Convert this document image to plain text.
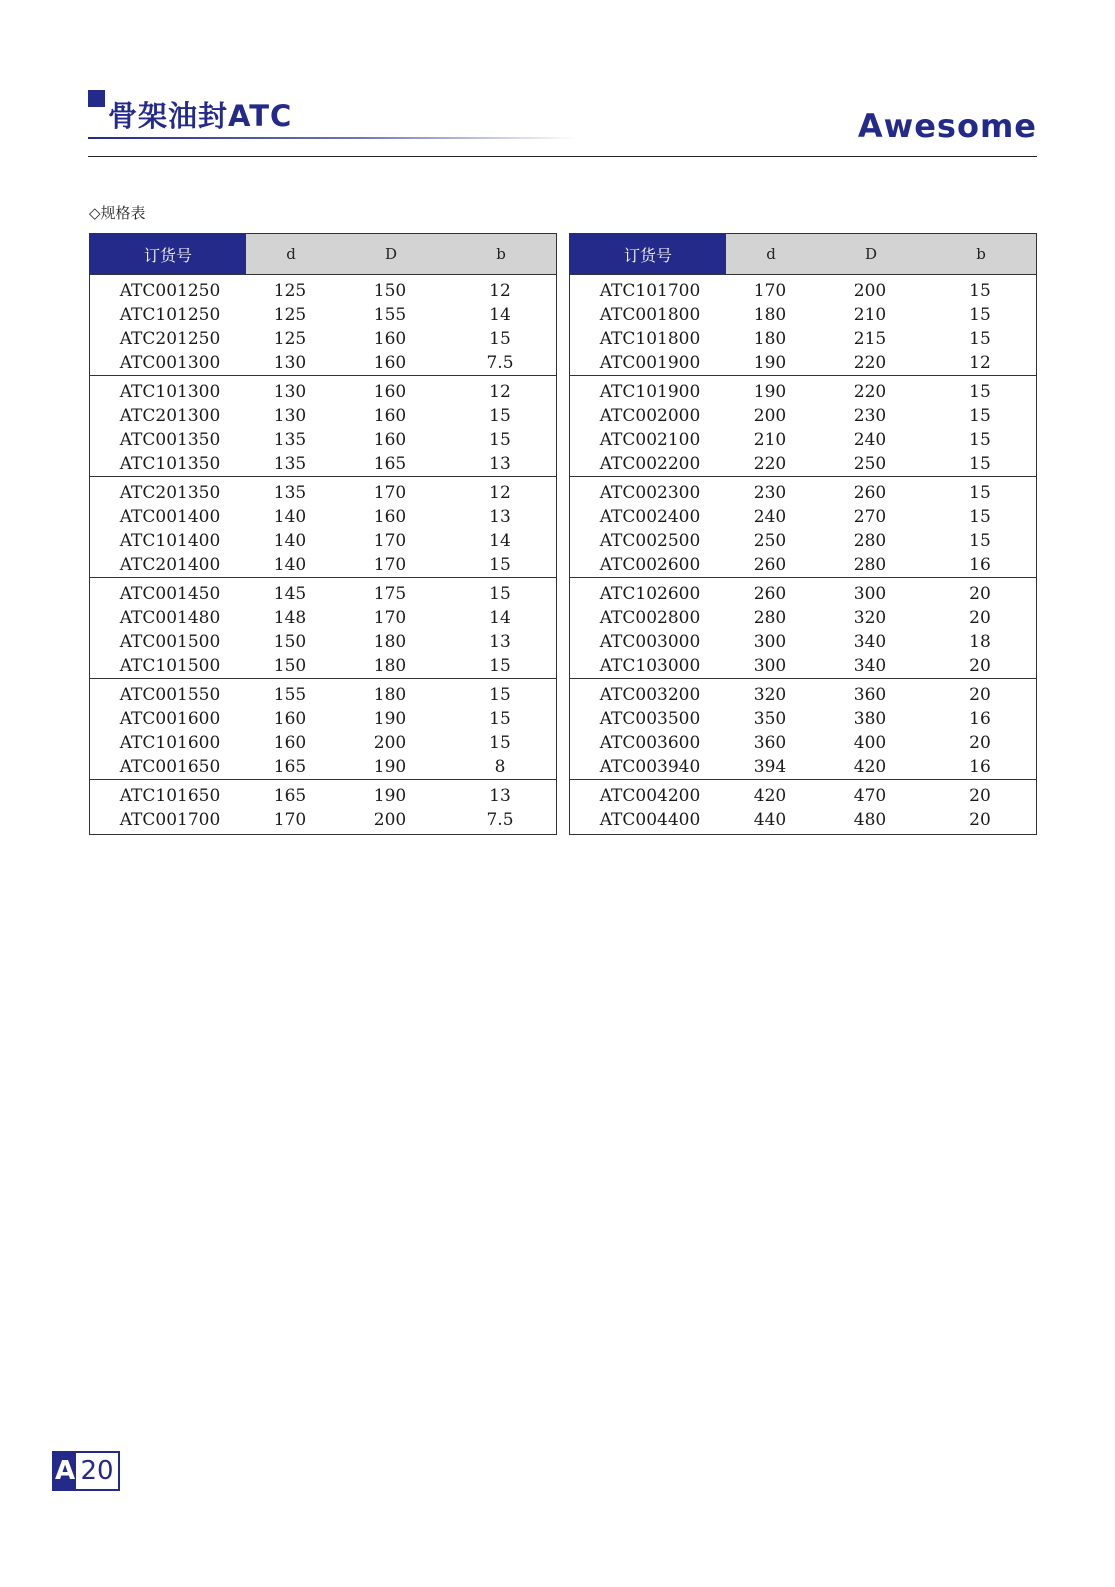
骨架油封ATC	Awesome
◇规格表
订货号	d	D	b
ATC001250	125	150	12
ATC101250	125	155	14
ATC201250	125	160	15
ATC001300	130	160	7.5
ATC101300	130	160	12
ATC201300	130	160	15
ATC001350	135	160	15
ATC101350	135	165	13
ATC201350	135	170	12
ATC001400	140	160	13
ATC101400	140	170	14
ATC201400	140	170	15
ATC001450	145	175	15
ATC001480	148	170	14
ATC001500	150	180	13
ATC101500	150	180	15
ATC001550	155	180	15
ATC001600	160	190	15
ATC101600	160	200	15
ATC001650	165	190	8
ATC101650	165	190	13
ATC001700	170	200	7.5
订货号	d	D	b
ATC101700	170	200	15
ATC001800	180	210	15
ATC101800	180	215	15
ATC001900	190	220	12
ATC101900	190	220	15
ATC002000	200	230	15
ATC002100	210	240	15
ATC002200	220	250	15
ATC002300	230	260	15
ATC002400	240	270	15
ATC002500	250	280	15
ATC002600	260	280	16
ATC102600	260	300	20
ATC002800	280	320	20
ATC003000	300	340	18
ATC103000	300	340	20
ATC003200	320	360	20
ATC003500	350	380	16
ATC003600	360	400	20
ATC003940	394	420	16
ATC004200	420	470	20
ATC004400	440	480	20
A 20
